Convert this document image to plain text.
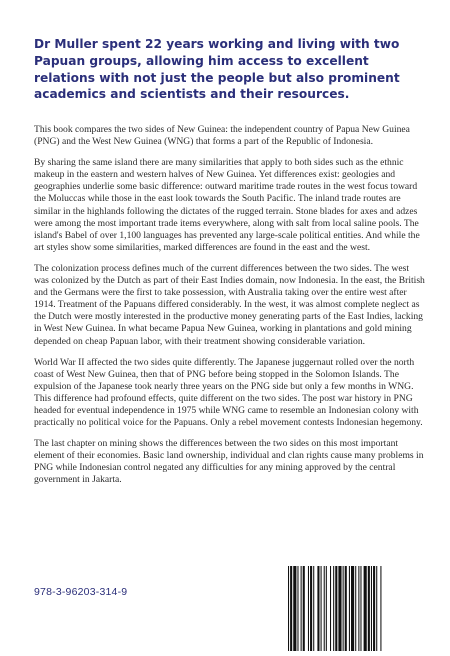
Dr Muller spent 22 years working and living with two Papuan groups, allowing him access to excellent relations with not just the people but also prominent academics and scientists and their resources.

This book compares the two sides of New Guinea: the independent country of Papua New Guinea (PNG) and the West New Guinea (WNG) that forms a part of the Republic of Indonesia.

By sharing the same island there are many similarities that apply to both sides such as the ethnic makeup in the eastern and western halves of New Guinea. Yet differences exist: geologies and geographies underlie some basic difference: outward maritime trade routes in the west focus toward the Moluccas while those in the east look towards the South Pacific. The inland trade routes are similar in the highlands following the dictates of the rugged terrain. Stone blades for axes and adzes were among the most important trade items everywhere, along with salt from local saline pools. The island's Babel of over 1,100 languages has prevented any large-scale political entities. And while the art styles show some similarities, marked differences are found in the east and the west.

The colonization process defines much of the current differences between the two sides. The west was colonized by the Dutch as part of their East Indies domain, now Indonesia. In the east, the British and the Germans were the first to take possession, with Australia taking over the entire west after 1914. Treatment of the Papuans differed considerably. In the west, it was almost complete neglect as the Dutch were mostly interested in the productive money generating parts of the East Indies, lacking in West New Guinea. In what became Papua New Guinea, working in plantations and gold mining depended on cheap Papuan labor, with their treatment showing considerable variation.

World War II affected the two sides quite differently. The Japanese juggernaut rolled over the north coast of West New Guinea, then that of PNG before being stopped in the Solomon Islands. The expulsion of the Japanese took nearly three years on the PNG side but only a few months in WNG. This difference had profound effects, quite different on the two sides. The post war history in PNG headed for eventual independence in 1975 while WNG came to resemble an Indonesian colony with practically no political voice for the Papuans. Only a rebel movement contests Indonesian hegemony.

The last chapter on mining shows the differences between the two sides on this most important element of their economies. Basic land ownership, individual and clan rights cause many problems in PNG while Indonesian control negated any difficulties for any mining approved by the central government in Jakarta.

978-3-96203-314-9
